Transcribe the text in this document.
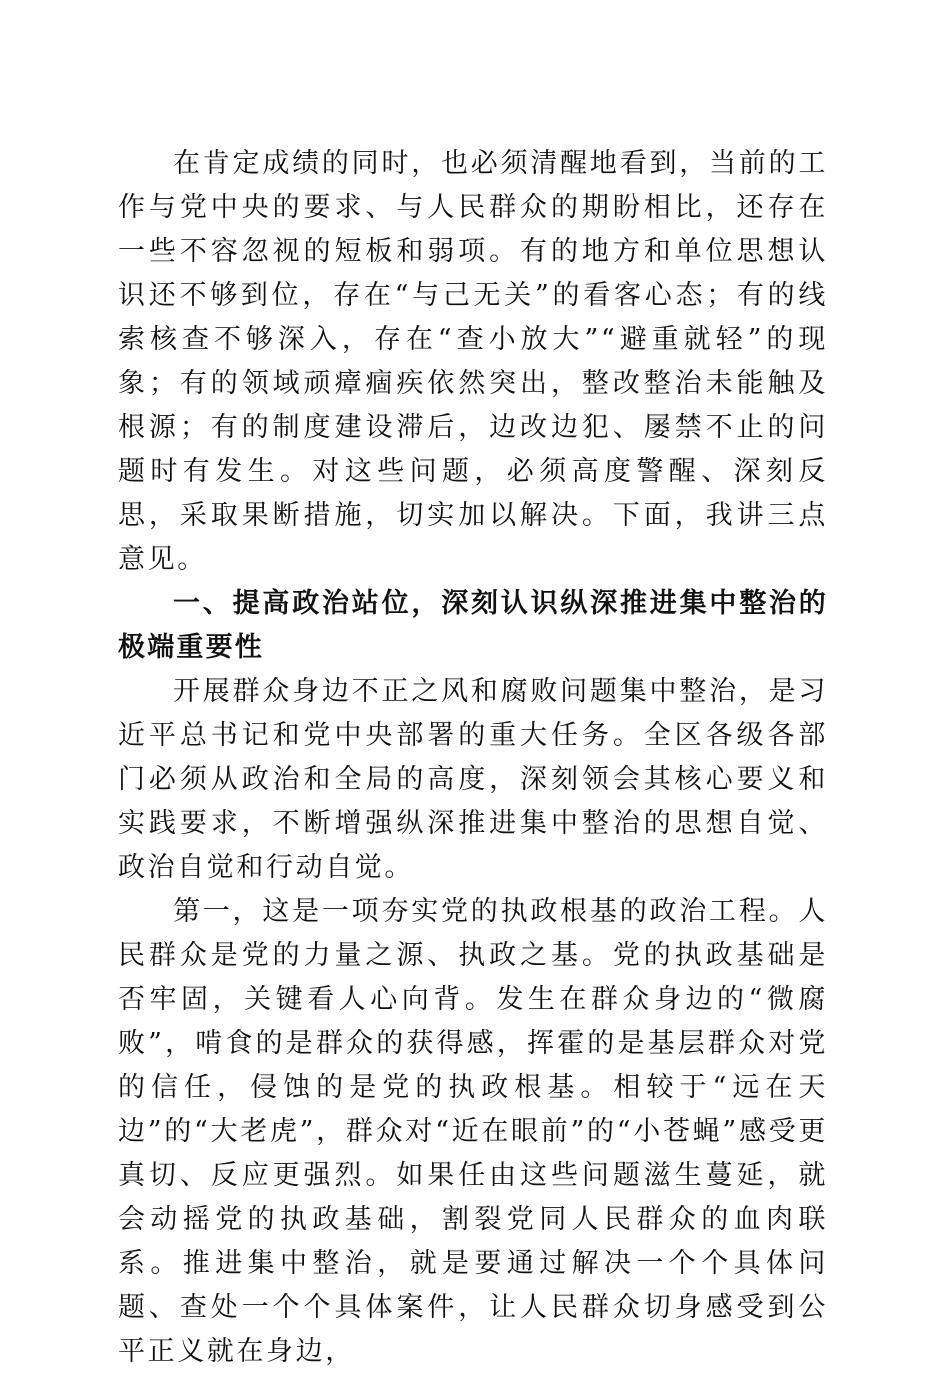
在肯定成绩的同时，也必须清醒地看到，当前的工作与党中央的要求、与人民群众的期盼相比，还存在一些不容忽视的短板和弱项。有的地方和单位思想认识还不够到位，存在“与己无关”的看客心态；有的线索核查不够深入，存在“查小放大”“避重就轻”的现象；有的领域顽瘴痼疾依然突出，整改整治未能触及根源；有的制度建设滞后，边改边犯、屡禁不止的问题时有发生。对这些问题，必须高度警醒、深刻反思，采取果断措施，切实加以解决。下面，我讲三点意见。

一、提高政治站位，深刻认识纵深推进集中整治的极端重要性

开展群众身边不正之风和腐败问题集中整治，是习近平总书记和党中央部署的重大任务。全区各级各部门必须从政治和全局的高度，深刻领会其核心要义和实践要求，不断增强纵深推进集中整治的思想自觉、政治自觉和行动自觉。

第一，这是一项夯实党的执政根基的政治工程。人民群众是党的力量之源、执政之基。党的执政基础是否牢固，关键看人心向背。发生在群众身边的“微腐败”，啃食的是群众的获得感，挥霍的是基层群众对党的信任，侵蚀的是党的执政根基。相较于“远在天边”的“大老虎”，群众对“近在眼前”的“小苍蝇”感受更真切、反应更强烈。如果任由这些问题滋生蔓延，就会动摇党的执政基础，割裂党同人民群众的血肉联系。推进集中整治，就是要通过解决一个个具体问题、查处一个个具体案件，让人民群众切身感受到公平正义就在身边，
